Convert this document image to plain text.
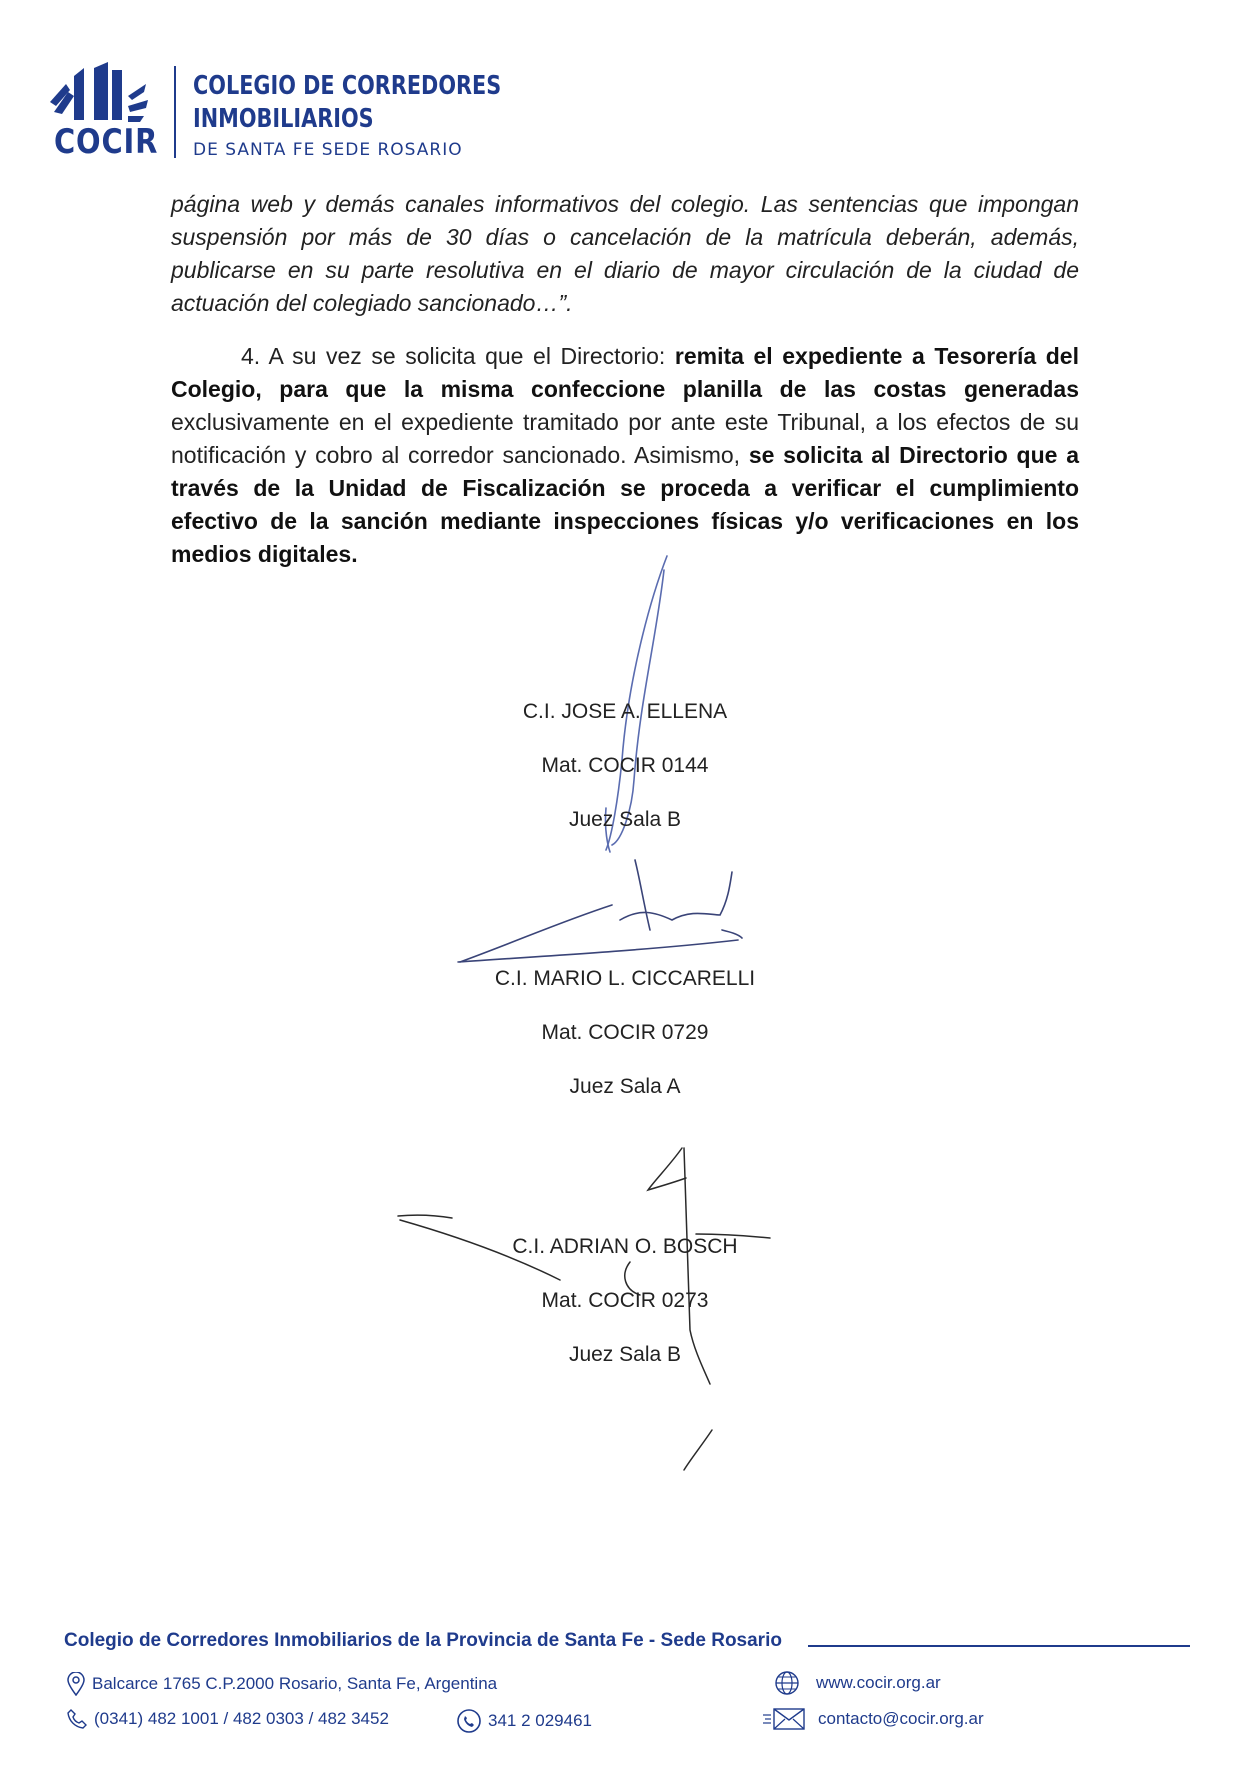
COCIR
COLEGIO DE CORREDORES
INMOBILIARIOS
DE SANTA FE SEDE ROSARIO
página web y demás canales informativos del colegio. Las sentencias que impongan suspensión por más de 30 días o cancelación de la matrícula deberán, además, publicarse en su parte resolutiva en el diario de mayor circulación de la ciudad de actuación del colegiado sancionado…”.
4. A su vez se solicita que el Directorio: remita el expediente a Tesorería del Colegio, para que la misma confeccione planilla de las costas generadas exclusivamente en el expediente tramitado por ante este Tribunal, a los efectos de su notificación y cobro al corredor sancionado. Asimismo, se solicita al Directorio que a través de la Unidad de Fiscalización se proceda a verificar el cumplimiento efectivo de la sanción mediante inspecciones físicas y/o verificaciones en los medios digitales.
C.I. JOSE A. ELLENA
Mat. COCIR 0144
Juez Sala B
C.I. MARIO L. CICCARELLI
Mat. COCIR 0729
Juez Sala A
C.I. ADRIAN O. BOSCH
Mat. COCIR 0273
Juez Sala B
Colegio de Corredores Inmobiliarios de la Provincia de Santa Fe - Sede Rosario
Balcarce 1765 C.P.2000 Rosario, Santa Fe, Argentina
(0341) 482 1001 / 482 0303 / 482 3452	341 2 029461
www.cocir.org.ar
contacto@cocir.org.ar
